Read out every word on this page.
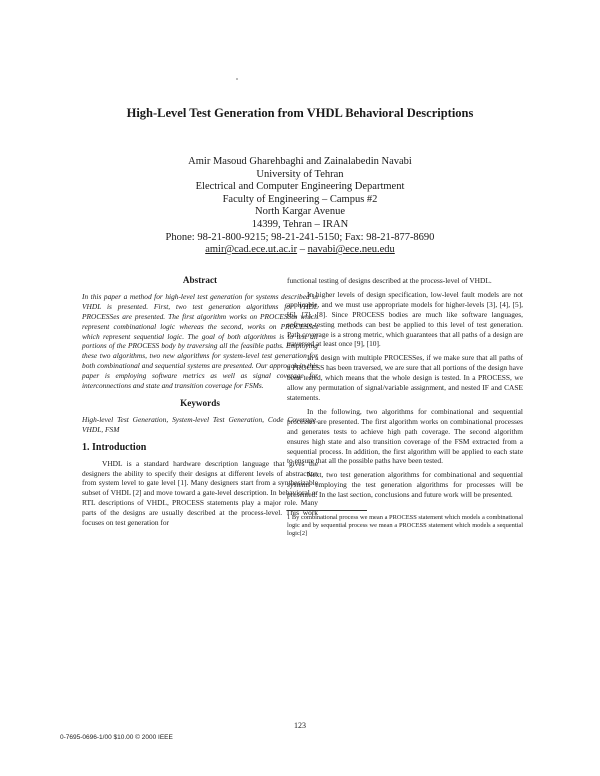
High-Level Test Generation from VHDL Behavioral Descriptions
Amir Masoud Gharehbaghi and Zainalabedin Navabi
University of Tehran
Electrical and Computer Engineering Department
Faculty of Engineering – Campus #2
North Kargar Avenue
14399, Tehran – IRAN
Phone: 98-21-800-9215; 98-21-241-5150; Fax: 98-21-877-8690
amir@cad.ece.ut.ac.ir – navabi@ece.neu.edu
Abstract

In this paper a method for high-level test generation for systems described in VHDL is presented. First, two test generation algorithms for VHDL PROCESSes are presented. The first algorithm works on PROCESSes which represent combinational logic whereas the second, works on PROCESSes which represent sequential logic. The goal of both algorithms is to test all portions of the PROCESS body by traversing all the feasible paths. Employing these two algorithms, two new algorithms for system-level test generation for both combinational and sequential systems are presented. Our approach in this paper is employing software metrics as well as signal coverage for interconnections and state and transition coverage for FSMs.

Keywords

High-level Test Generation, System-level Test Generation, Code Coverage, VHDL, FSM

1. Introduction

VHDL is a standard hardware description language that gives the designers the ability to specify their designs at different levels of abstraction from system level to gate level [1]. Many designers start from a synthesizable subset of VHDL [2] and move toward a gate-level description. In behavioral or RTL descriptions of VHDL, PROCESS statements play a major role. Many parts of the designs are usually described at the process-level. This work focuses on test generation for

functional testing of designs described at the process-level of VHDL.

In higher levels of design specification, low-level fault models are not applicable, and we must use appropriate models for higher-levels [3], [4], [5], [6], [7], [8]. Since PROCESS bodies are much like software languages, software-testing methods can best be applied to this level of test generation. Path coverage is a strong metric, which guarantees that all paths of a design are traversed at least once [9], [10].

In a design with multiple PROCESSes, if we make sure that all paths of a PROCESS has been traversed, we are sure that all portions of the design have been tested, which means that the whole design is tested. In a PROCESS, we allow any permutation of signal/variable assignment, and nested IF and CASE statements.

In the following, two algorithms for combinational and sequential processes are presented. The first algorithm works on combinational processes and generates tests to achieve high path coverage. The second algorithm ensures high state and also transition coverage of the FSM extracted from a sequential process. In addition, the first algorithm will be applied to each state to ensure that all the possible paths have been tested.

Next, two test generation algorithms for combinational and sequential systems employing the test generation algorithms for processes will be presented. In the last section, conclusions and future work will be presented.

1 By combinational process we mean a PROCESS statement which models a combinational logic and by sequential process we mean a PROCESS statement which models a sequential logic[2]
123
0-7695-0696-1/00 $10.00 © 2000 IEEE
